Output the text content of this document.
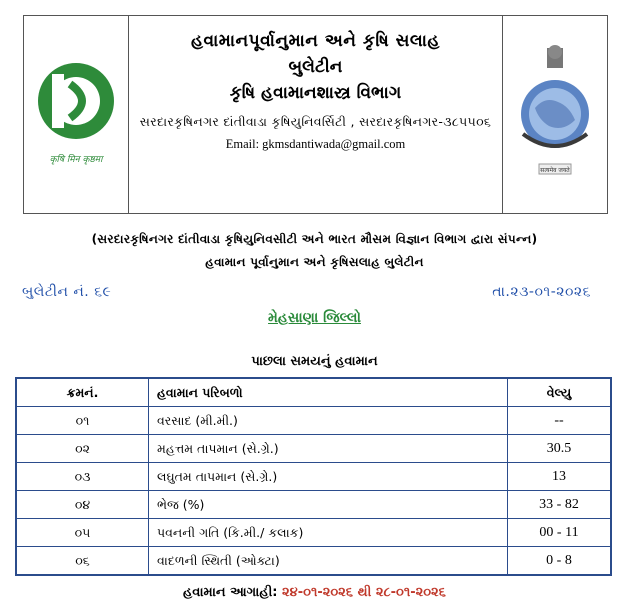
कृषि मिन कृष्ठमा
હવામાનપૂર્વાનુમાન અને કૃષિ સલાહ
બુલેટીન
કૃષિ હવામાનશાસ્ત્ર વિભાગ
સરદારકૃષિનગર દાંતીવાડા કૃષિયુનિવર્સિટી , સરદારકૃષિનગર-૩૮૫૫૦૬
Email: gkmsdantiwada@gmail.com
सत्यमेव जयते
(સરદારકૃષિનગર દાંતીવાડા કૃષિયુનિવસીટી અને ભારત મૌસમ વિજ્ઞાન વિભાગ દ્વારા સંપન્ન)
હવામાન પૂર્વાનુમાન અને કૃષિસલાહ બુલેટીન
બુલેટીન નં. ૬૯	તા.૨૩-૦૧-૨૦૨૬
મેહસાણા જિલ્લો
પાછલા સમયનું હવામાન
ક્રમનં.	હવામાન પરિબળો	વેલ્યુ
૦૧	વરસાદ (મી.મી.)	--
૦૨	મહત્તમ તાપમાન (સે.ગ્રે.)	30.5
૦૩	લઘુતમ તાપમાન (સે.ગ્રે.)	13
૦૪	ભેજ (%)	33 - 82
૦૫	પવનની ગતિ (કિ.મી./ કલાક)	00 - 11
૦૬	વાદળની સ્થિતી (ઓક્ટા)	0 - 8
હવામાન આગાહી: ૨૪-૦૧-૨૦૨૬ થી ૨૮-૦૧-૨૦૨૬
